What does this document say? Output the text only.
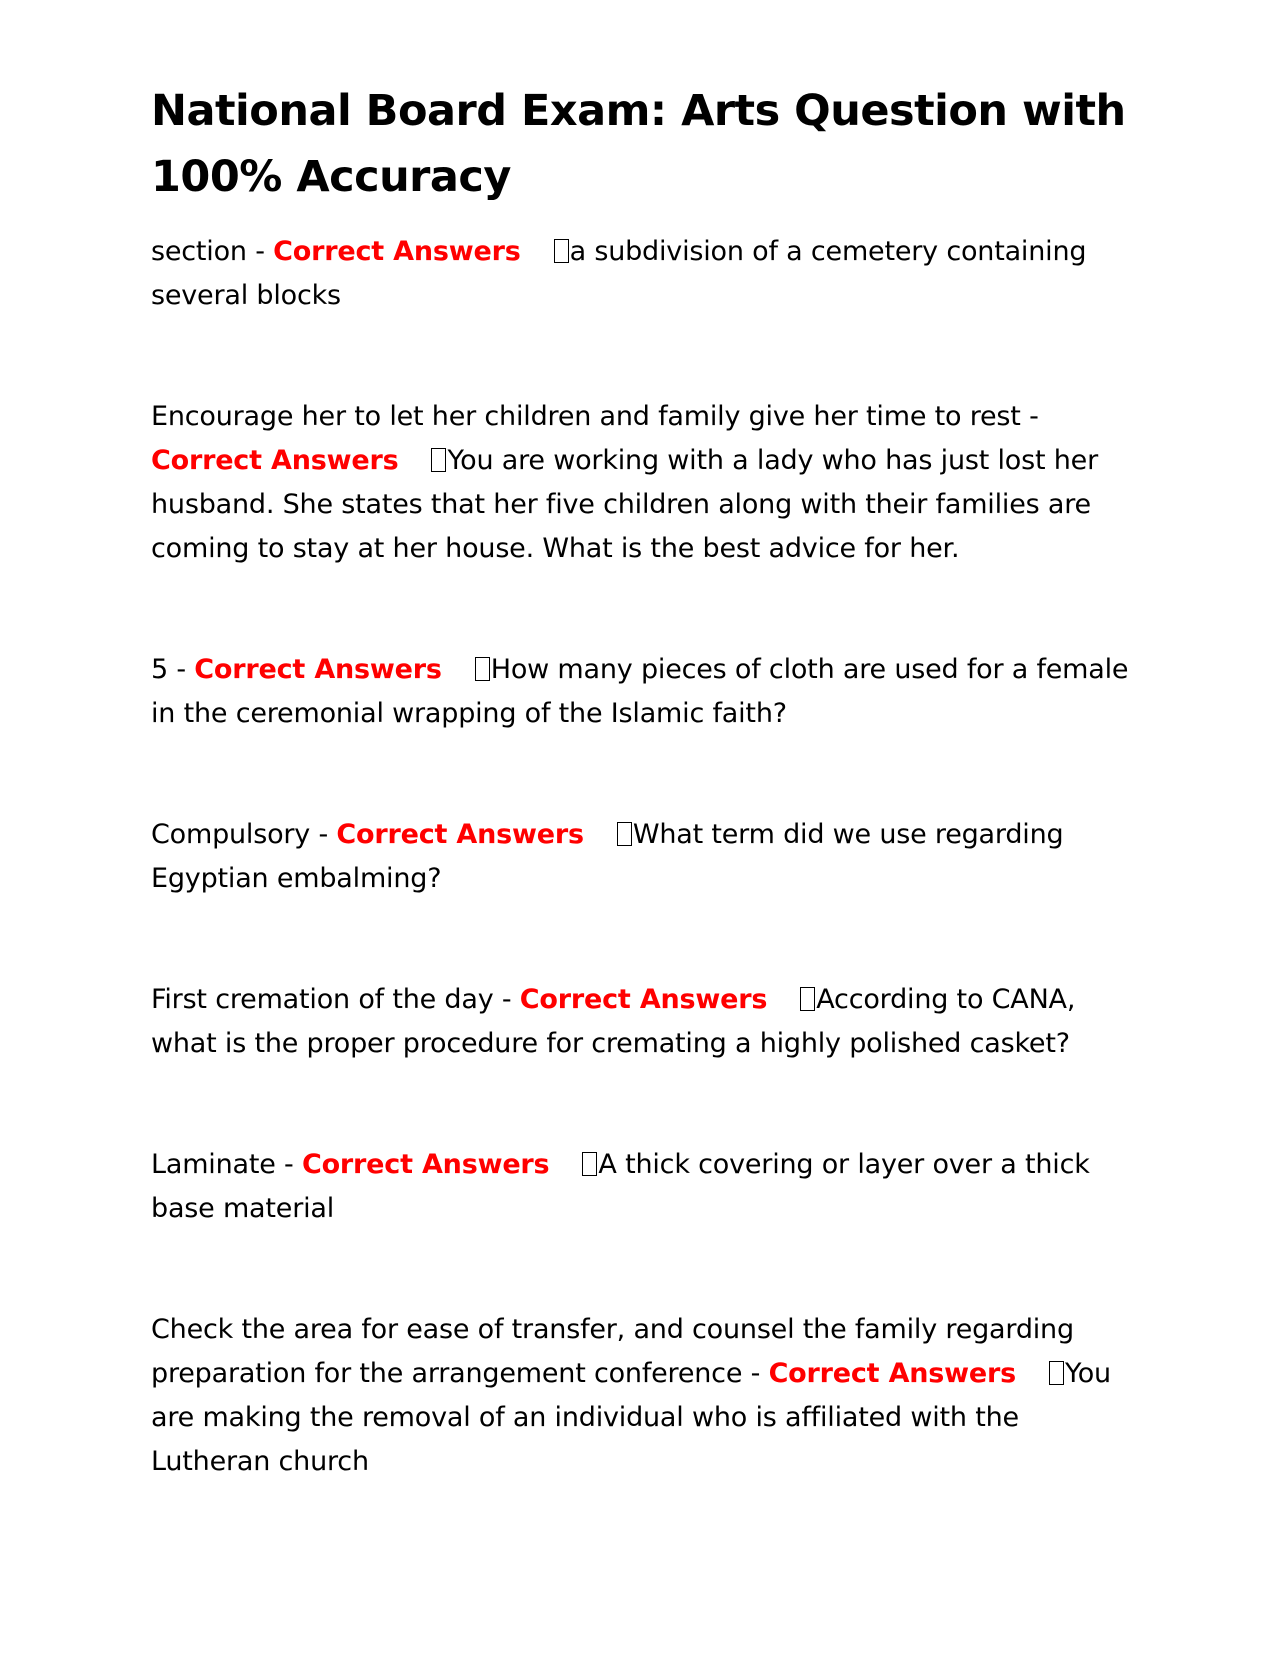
National Board Exam: Arts Question with 100% Accuracy

section - Correct Answers a subdivision of a cemetery containing several blocks

Encourage her to let her children and family give her time to rest - Correct Answers You are working with a lady who has just lost her husband. She states that her five children along with their families are coming to stay at her house. What is the best advice for her.

5 - Correct Answers How many pieces of cloth are used for a female in the ceremonial wrapping of the Islamic faith?

Compulsory - Correct Answers What term did we use regarding Egyptian embalming?

First cremation of the day - Correct Answers According to CANA, what is the proper procedure for cremating a highly polished casket?

Laminate - Correct Answers A thick covering or layer over a thick base material

Check the area for ease of transfer, and counsel the family regarding preparation for the arrangement conference - Correct Answers You are making the removal of an individual who is affiliated with the Lutheran church
